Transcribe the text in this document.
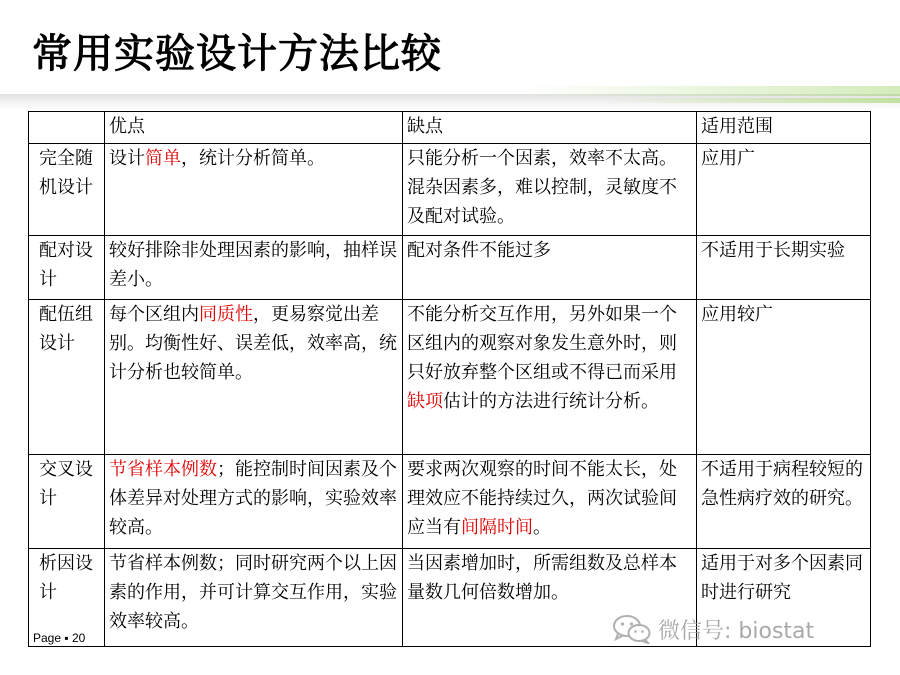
常用实验设计方法比较
	优点	缺点	适用范围
完全随机设计	设计简单，统计分析简单。	只能分析一个因素，效率不太高。混杂因素多，难以控制，灵敏度不及配对试验。	应用广
配对设计	较好排除非处理因素的影响，抽样误差小。	配对条件不能过多	不适用于长期实验
配伍组设计	每个区组内同质性，更易察觉出差别。均衡性好、误差低，效率高，统计分析也较简单。	不能分析交互作用，另外如果一个区组内的观察对象发生意外时，则只好放弃整个区组或不得已而采用缺项估计的方法进行统计分析。	应用较广
交叉设计	节省样本例数；能控制时间因素及个体差异对处理方式的影响，实验效率较高。	要求两次观察的时间不能太长，处理效应不能持续过久，两次试验间应当有间隔时间。	不适用于病程较短的急性病疗效的研究。
析因设计	节省样本例数；同时研究两个以上因素的作用，并可计算交互作用，实验效率较高。	当因素增加时，所需组数及总样本量数几何倍数增加。	适用于对多个因素同时进行研究
Page ▪ 20	微信号: biostat
